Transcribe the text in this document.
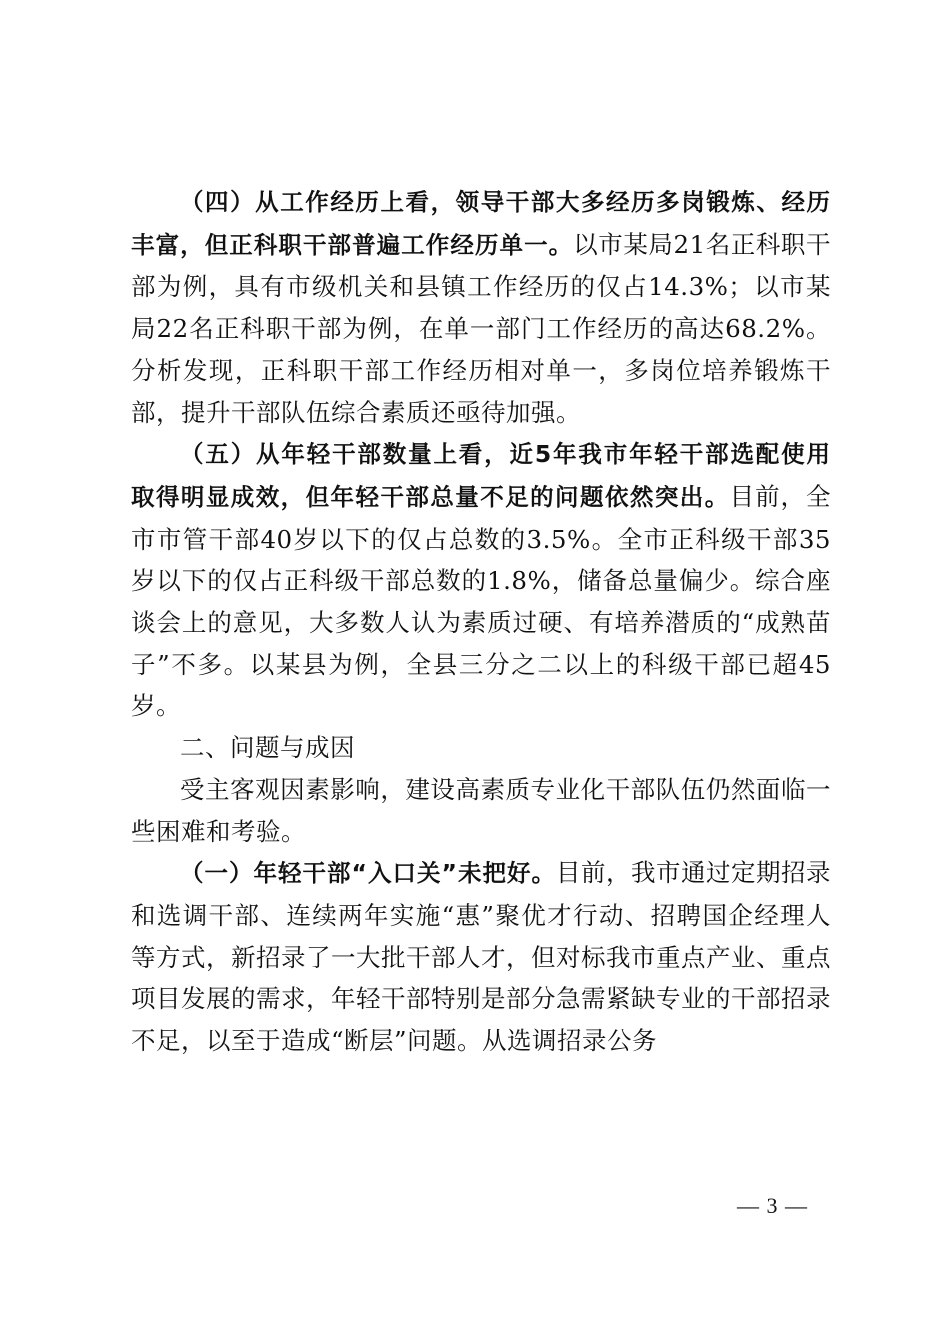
（四）从工作经历上看，领导干部大多经历多岗锻炼、经历丰富，但正科职干部普遍工作经历单一。以市某局21名正科职干部为例，具有市级机关和县镇工作经历的仅占14.3%；以市某局22名正科职干部为例，在单一部门工作经历的高达68.2%。分析发现，正科职干部工作经历相对单一，多岗位培养锻炼干部，提升干部队伍综合素质还亟待加强。

（五）从年轻干部数量上看，近5年我市年轻干部选配使用取得明显成效，但年轻干部总量不足的问题依然突出。目前，全市市管干部40岁以下的仅占总数的3.5%。全市正科级干部35岁以下的仅占正科级干部总数的1.8%，储备总量偏少。综合座谈会上的意见，大多数人认为素质过硬、有培养潜质的“成熟苗子”不多。以某县为例，全县三分之二以上的科级干部已超45岁。

二、问题与成因

受主客观因素影响，建设高素质专业化干部队伍仍然面临一些困难和考验。

（一）年轻干部“入口关”未把好。目前，我市通过定期招录和选调干部、连续两年实施“惠”聚优才行动、招聘国企经理人等方式，新招录了一大批干部人才，但对标我市重点产业、重点项目发展的需求，年轻干部特别是部分急需紧缺专业的干部招录不足，以至于造成“断层”问题。从选调招录公务

— 3 —
